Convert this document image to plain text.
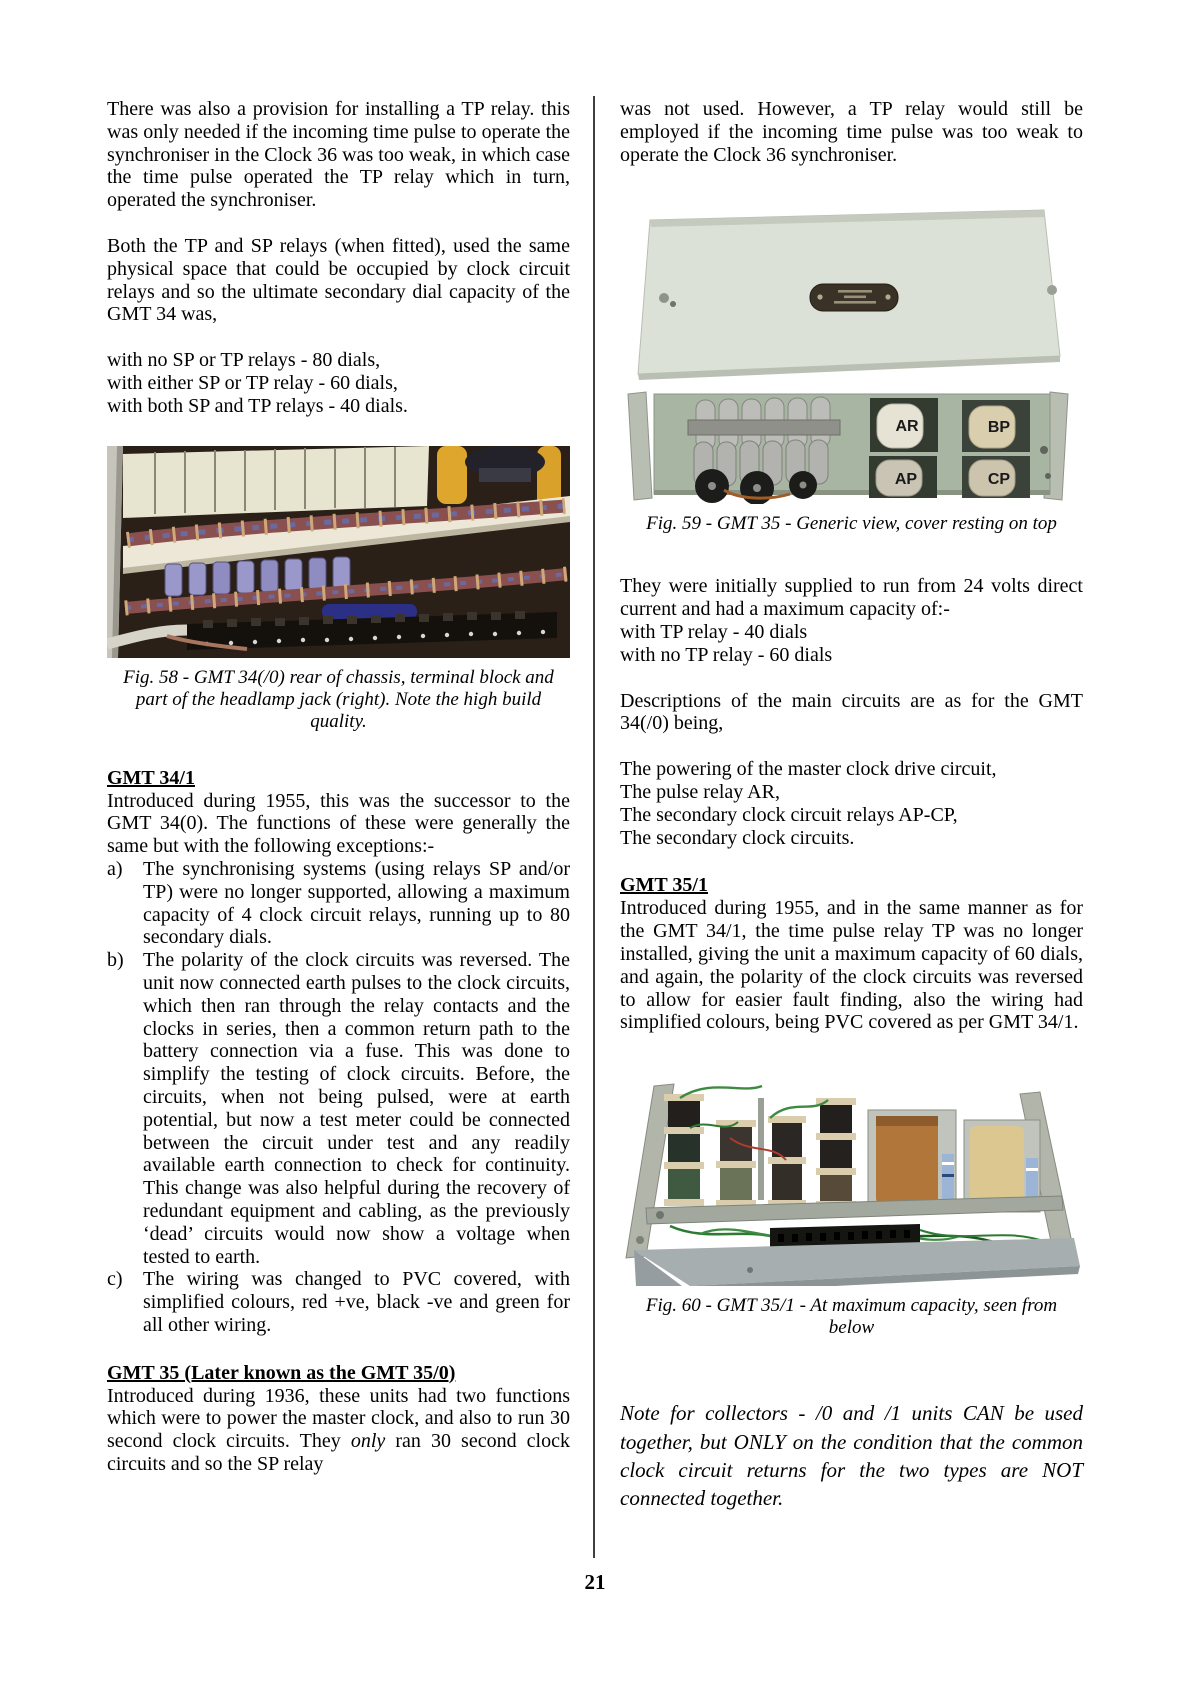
There was also a provision for installing a TP relay. this was only needed if the incoming time pulse to operate the synchroniser in the Clock 36 was too weak, in which case the time pulse operated the TP relay which in turn, operated the synchroniser.

Both the TP and SP relays (when fitted), used the same physical space that could be occupied by clock circuit relays and so the ultimate secondary dial capacity of the GMT 34 was,

with no SP or TP relays - 80 dials,
with either SP or TP relay - 60 dials,
with both SP and TP relays - 40 dials.
Fig. 58 - GMT 34(/0) rear of chassis, terminal block and part of the headlamp jack (right). Note the high build quality.
GMT 34/1

Introduced during 1955, this was the successor to the GMT 34(0). The functions of these were generally the same but with the following exceptions:-

a)	The synchronising systems (using relays SP and/or TP) were no longer supported, allowing a maximum capacity of 4 clock circuit relays, running up to 80 secondary dials.
b) The polarity of the clock circuits was reversed. The unit now connected earth pulses to the clock circuits, which then ran through the relay contacts and the clocks in series, then a common return path to the battery connection via a fuse. This was done to simplify the testing of clock circuits. Before, the circuits, when not being pulsed, were at earth potential, but now a test meter could be connected between the circuit under test and any readily available earth connection to check for continuity. This change was also helpful during the recovery of redundant equipment and cabling, as the previously ‘dead’ circuits would now show a voltage when tested to earth.
c)	The wiring was changed to PVC covered, with simplified colours, red +ve, black -ve and green for all other wiring.
GMT 35 (Later known as the GMT 35/0)

Introduced during 1936, these units had two functions which were to power the master clock, and also to run 30 second clock circuits. They only ran 30 second clock circuits and so the SP relay

was not used. However, a TP relay would still be employed if the incoming time pulse was too weak to operate the Clock 36 synchroniser.

AR	BP
AP	CP
Fig. 59 - GMT 35 - Generic view, cover resting on top

They were initially supplied to run from 24 volts direct current and had a maximum capacity of:-

with TP relay - 40 dials
with no TP relay - 60 dials

Descriptions of the main circuits are as for the GMT 34(/0) being,

The powering of the master clock drive circuit,
The pulse relay AR,
The secondary clock circuit relays AP-CP,
The secondary clock circuits.
GMT 35/1

Introduced during 1955, and in the same manner as for the GMT 34/1, the time pulse relay TP was no longer installed, giving the unit a maximum capacity of 60 dials, and again, the polarity of the clock circuits was reversed to allow for easier fault finding, also the wiring had simplified colours, being PVC covered as per GMT 34/1.

Fig. 60 - GMT 35/1 - At maximum capacity, seen from below

Note for collectors - /0 and /1 units CAN be used together, but ONLY on the condition that the common clock circuit returns for the two types are NOT connected together.

21
